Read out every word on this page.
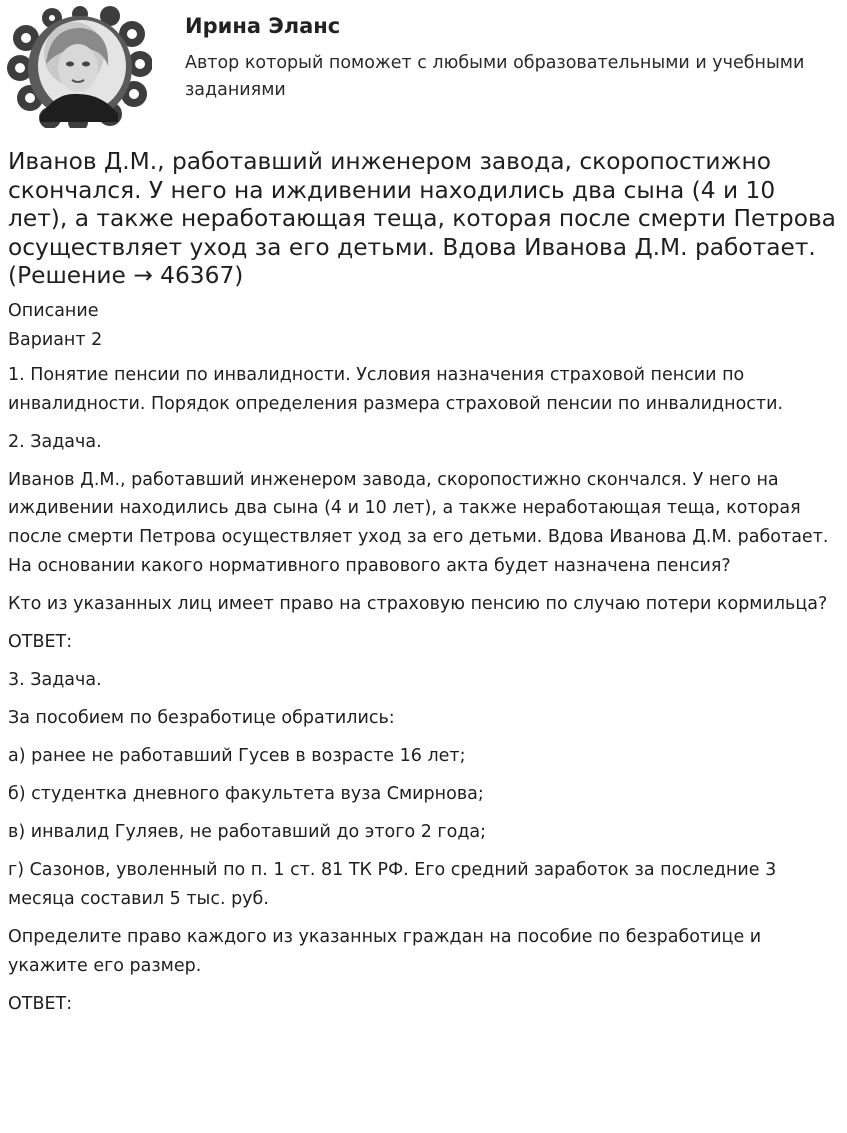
Ирина Эланс

Автор который поможет с любыми образовательными и учебными заданиями

Иванов Д.М., работавший инженером завода, скоропостижно скончался. У него на иждивении находились два сына (4 и 10 лет), а также неработающая теща, которая после смерти Петрова осуществляет уход за его детьми. Вдова Иванова Д.М. работает. (Решение → 46367)

Описание

Вариант 2

1. Понятие пенсии по инвалидности. Условия назначения страховой пенсии по инвалидности. Порядок определения размера страховой пенсии по инвалидности.

2. Задача.

Иванов Д.М., работавший инженером завода, скоропостижно скончался. У него на иждивении находились два сына (4 и 10 лет), а также неработающая теща, которая после смерти Петрова осуществляет уход за его детьми. Вдова Иванова Д.М. работает. На основании какого нормативного правового акта будет назначена пенсия?

Кто из указанных лиц имеет право на страховую пенсию по случаю потери кормильца?

ОТВЕТ:

3. Задача.

За пособием по безработице обратились:

а) ранее не работавший Гусев в возрасте 16 лет;

б) студентка дневного факультета вуза Смирнова;

в) инвалид Гуляев, не работавший до этого 2 года;

г) Сазонов, уволенный по п. 1 ст. 81 ТК РФ. Его средний заработок за последние 3 месяца составил 5 тыс. руб.

Определите право каждого из указанных граждан на пособие по безработице и укажите его размер.

ОТВЕТ:
